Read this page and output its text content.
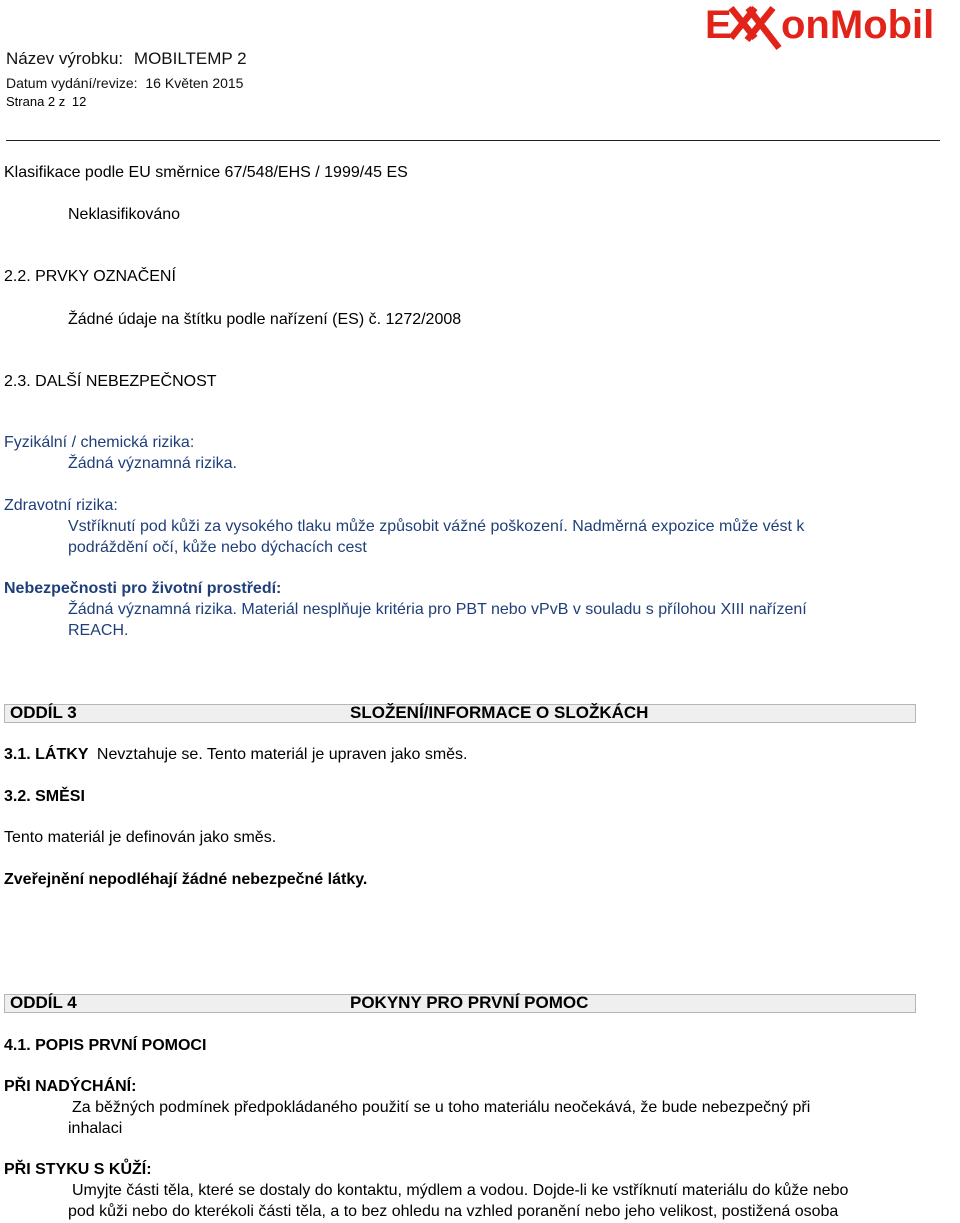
Název výrobku: MOBILTEMP 2
Datum vydání/revize: 16 Květen 2015
Strana 2 z 12
E onMobil
Klasifikace podle EU směrnice 67/548/EHS / 1999/45 ES
Neklasifikováno
2.2. PRVKY OZNAČENÍ
Žádné údaje na štítku podle nařízení (ES) č. 1272/2008
2.3. DALŠÍ NEBEZPEČNOST
Fyzikální / chemická rizika:
Žádná významná rizika.
Zdravotní rizika:
Vstříknutí pod kůži za vysokého tlaku může způsobit vážné poškození. Nadměrná expozice může vést k
podráždění očí, kůže nebo dýchacích cest
Nebezpečnosti pro životní prostředí:
Žádná významná rizika. Materiál nesplňuje kritéria pro PBT nebo vPvB v souladu s přílohou XIII nařízení
REACH.
ODDÍL 3	SLOŽENÍ/INFORMACE O SLOŽKÁCH
3.1. LÁTKY Nevztahuje se. Tento materiál je upraven jako směs.
3.2. SMĚSI
Tento materiál je definován jako směs.
Zveřejnění nepodléhají žádné nebezpečné látky.
ODDÍL 4	POKYNY PRO PRVNÍ POMOC
4.1. POPIS PRVNÍ POMOCI
PŘI NADÝCHÁNÍ:
Za běžných podmínek předpokládaného použití se u toho materiálu neočekává, že bude nebezpečný při
inhalaci
PŘI STYKU S KŮŽÍ:
Umyjte části těla, které se dostaly do kontaktu, mýdlem a vodou. Dojde-li ke vstříknutí materiálu do kůže nebo
pod kůži nebo do kterékoli části těla, a to bez ohledu na vzhled poranění nebo jeho velikost, postižená osoba
